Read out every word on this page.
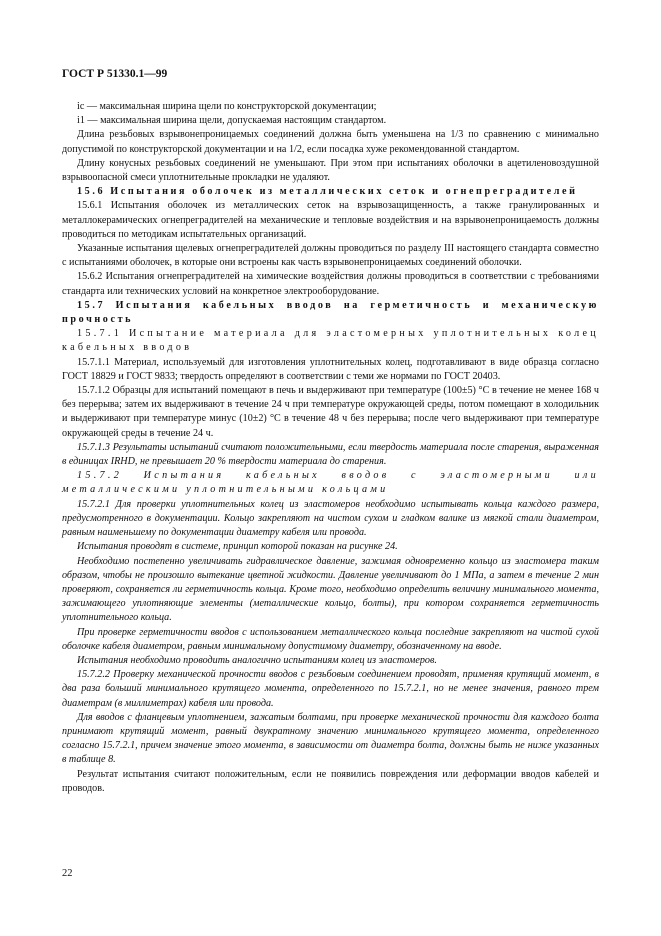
ГОСТ Р 51330.1—99

iс — максимальная ширина щели по конструкторской документации;

i1 — максимальная ширина щели, допускаемая настоящим стандартом.

Длина резьбовых взрывонепроницаемых соединений должна быть уменьшена на 1/3 по сравнению с минимально допустимой по конструкторской документации и на 1/2, если посадка хуже рекомендованной стандартом.

Длину конусных резьбовых соединений не уменьшают. При этом при испытаниях оболочки в ацетиленовоздушной взрывоопасной смеси уплотнительные прокладки не удаляют.

15.6 Испытания оболочек из металлических сеток и огнепреградителей

15.6.1 Испытания оболочек из металлических сеток на взрывозащищенность, а также гранулированных и металлокерамических огнепреградителей на механические и тепловые воздействия и на взрывонепроницаемость должны проводиться по методикам испытательных организаций.

Указанные испытания щелевых огнепреградителей должны проводиться по разделу III настоящего стандарта совместно с испытаниями оболочек, в которые они встроены как часть взрывонепроницаемых соединений оболочки.

15.6.2 Испытания огнепреградителей на химические воздействия должны проводиться в соответствии с требованиями стандарта или технических условий на конкретное электрооборудование.

15.7 Испытания кабельных вводов на герметичность и механическую прочность

15.7.1 Испытание материала для эластомерных уплотнительных колец кабельных вводов

15.7.1.1 Материал, используемый для изготовления уплотнительных колец, подготавливают в виде образца согласно ГОСТ 18829 и ГОСТ 9833; твердость определяют в соответствии с теми же нормами по ГОСТ 20403.

15.7.1.2 Образцы для испытаний помещают в печь и выдерживают при температуре (100±5) °С в течение не менее 168 ч без перерыва; затем их выдерживают в течение 24 ч при температуре окружающей среды, потом помещают в холодильник и выдерживают при температуре минус (10±2) °С в течение 48 ч без перерыва; после чего выдерживают при температуре окружающей среды в течение 24 ч.

15.7.1.3 Результаты испытаний считают положительными, если твердость материала после старения, выраженная в единицах IRHD, не превышает 20 % твердости материала до старения.

15.7.2 Испытания кабельных вводов с эластомерными или металлическими уплотнительными кольцами

15.7.2.1 Для проверки уплотнительных колец из эластомеров необходимо испытывать кольца каждого размера, предусмотренного в документации. Кольцо закрепляют на чистом сухом и гладком валике из мягкой стали диаметром, равным наименьшему по документации диаметру кабеля или провода.

Испытания проводят в системе, принцип которой показан на рисунке 24.

Необходимо постепенно увеличивать гидравлическое давление, зажимая одновременно кольцо из эластомера таким образом, чтобы не произошло вытекание цветной жидкости. Давление увеличивают до 1 МПа, а затем в течение 2 мин проверяют, сохраняется ли герметичность кольца. Кроме того, необходимо определить величину минимального момента, зажимающего уплотняющие элементы (металлические кольцо, болты), при котором сохраняется герметичность уплотнительного кольца.

При проверке герметичности вводов с использованием металлического кольца последние закрепляют на чистой сухой оболочке кабеля диаметром, равным минимальному допустимому диаметру, обозначенному на вводе.

Испытания необходимо проводить аналогично испытаниям колец из эластомеров.

15.7.2.2 Проверку механической прочности вводов с резьбовым соединением проводят, применяя крутящий момент, в два раза больший минимального крутящего момента, определенного по 15.7.2.1, но не менее значения, равного трем диаметрам (в миллиметрах) кабеля или провода.

Для вводов с фланцевым уплотнением, зажатым болтами, при проверке механической прочности для каждого болта принимают крутящий момент, равный двукратному значению минимального крутящего момента, определенного согласно 15.7.2.1, причем значение этого момента, в зависимости от диаметра болта, должны быть не ниже указанных в таблице 8.

Результат испытания считают положительным, если не появились повреждения или деформации вводов кабелей и проводов.

22
